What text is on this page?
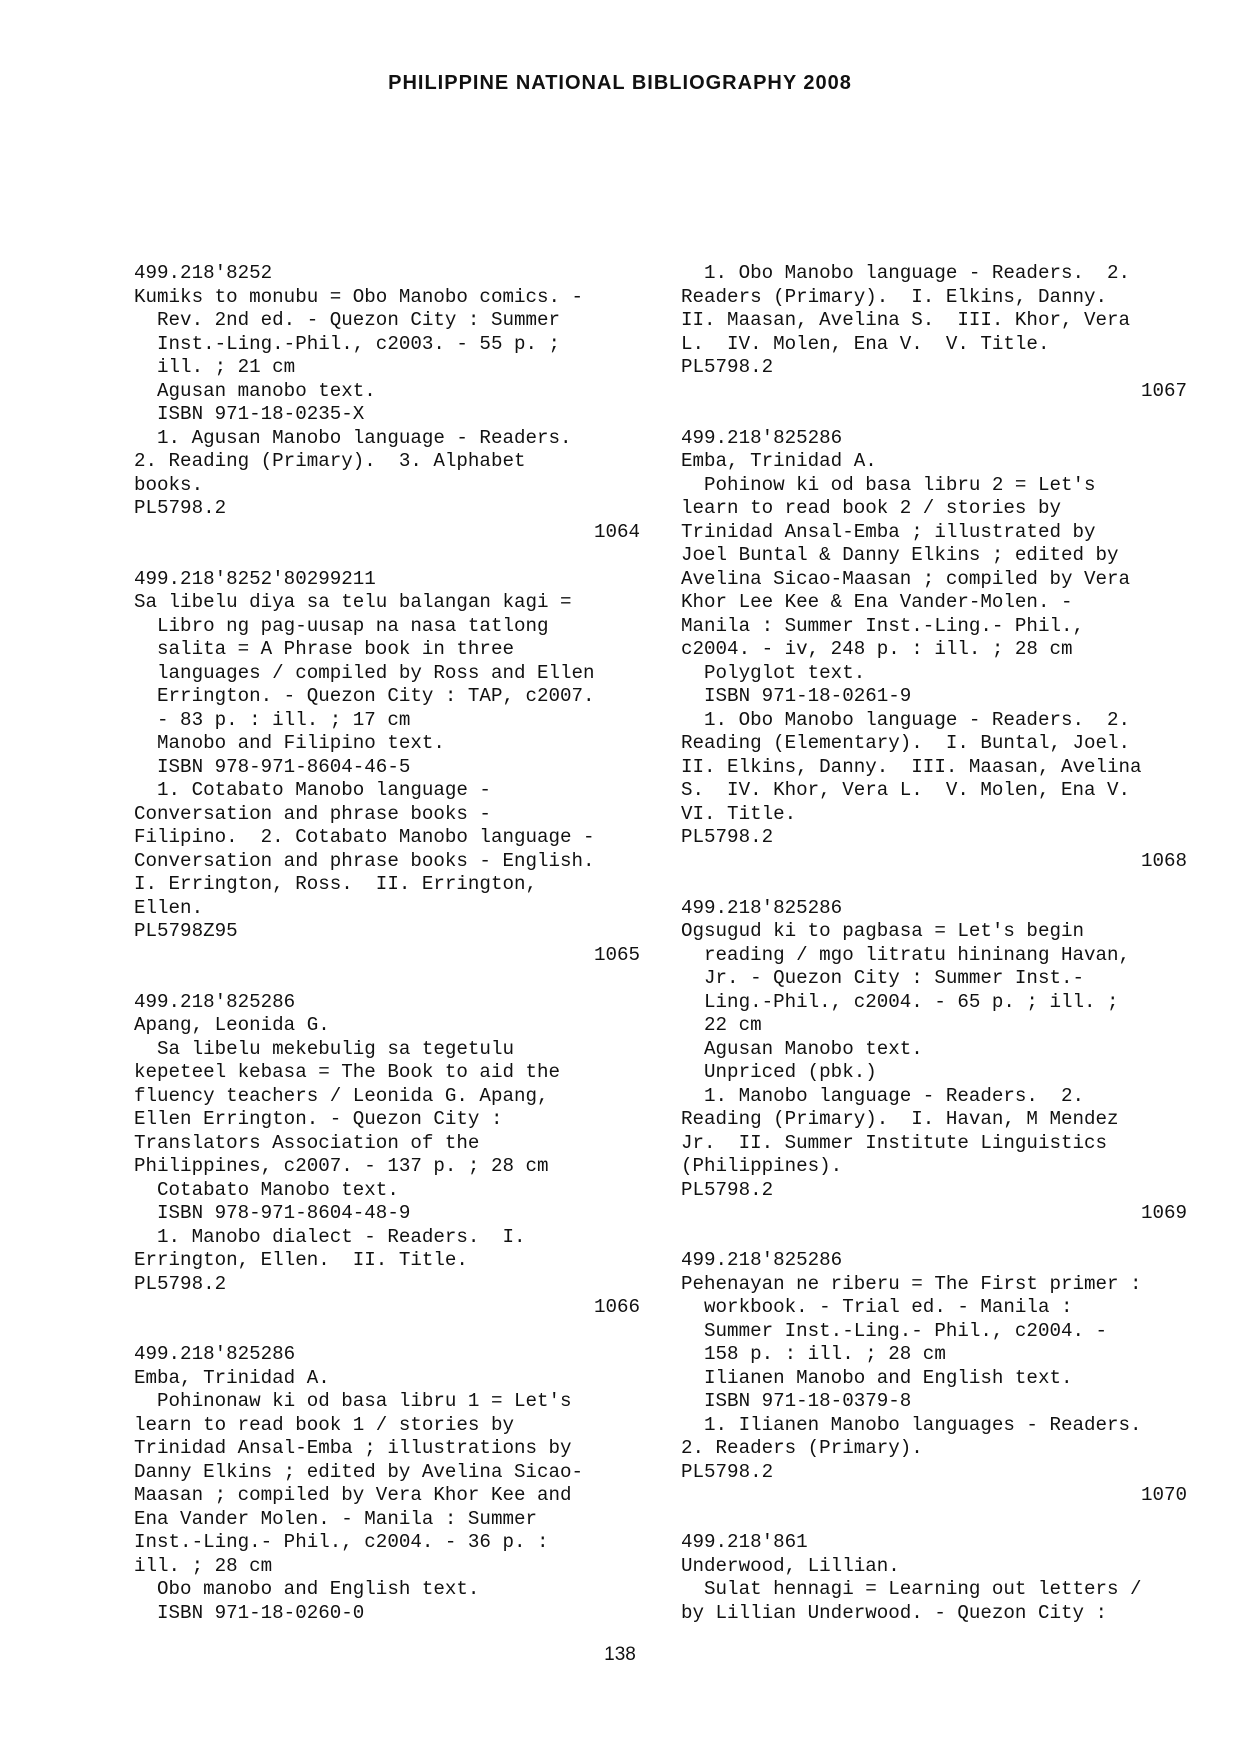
PHILIPPINE NATIONAL BIBLIOGRAPHY 2008
499.218'8252
Kumiks to monubu = Obo Manobo comics. -
Rev. 2nd ed. - Quezon City : Summer
Inst.-Ling.-Phil., c2003. - 55 p. ;
ill. ; 21 cm
Agusan manobo text.
ISBN 971-18-0235-X
1. Agusan Manobo language - Readers.
2. Reading (Primary).  3. Alphabet
books.
PL5798.2
1064
499.218'8252'80299211
Sa libelu diya sa telu balangan kagi =
Libro ng pag-uusap na nasa tatlong
salita = A Phrase book in three
languages / compiled by Ross and Ellen
Errington. - Quezon City : TAP, c2007.
- 83 p. : ill. ; 17 cm
Manobo and Filipino text.
ISBN 978-971-8604-46-5
1. Cotabato Manobo language -
Conversation and phrase books -
Filipino.  2. Cotabato Manobo language -
Conversation and phrase books - English.
I. Errington, Ross.  II. Errington,
Ellen.
PL5798Z95
1065
499.218'825286
Apang, Leonida G.
Sa libelu mekebulig sa tegetulu
kepeteel kebasa = The Book to aid the
fluency teachers / Leonida G. Apang,
Ellen Errington. - Quezon City :
Translators Association of the
Philippines, c2007. - 137 p. ; 28 cm
Cotabato Manobo text.
ISBN 978-971-8604-48-9
1. Manobo dialect - Readers.  I.
Errington, Ellen.  II. Title.
PL5798.2
1066
499.218'825286
Emba, Trinidad A.
Pohinonaw ki od basa libru 1 = Let's
learn to read book 1 / stories by
Trinidad Ansal-Emba ; illustrations by
Danny Elkins ; edited by Avelina Sicao-
Maasan ; compiled by Vera Khor Kee and
Ena Vander Molen. - Manila : Summer
Inst.-Ling.- Phil., c2004. - 36 p. :
ill. ; 28 cm
Obo manobo and English text.
ISBN 971-18-0260-0
1. Obo Manobo language - Readers.  2.
Readers (Primary).  I. Elkins, Danny.
II. Maasan, Avelina S.  III. Khor, Vera
L.  IV. Molen, Ena V.  V. Title.
PL5798.2
1067
499.218'825286
Emba, Trinidad A.
Pohinow ki od basa libru 2 = Let's
learn to read book 2 / stories by
Trinidad Ansal-Emba ; illustrated by
Joel Buntal & Danny Elkins ; edited by
Avelina Sicao-Maasan ; compiled by Vera
Khor Lee Kee & Ena Vander-Molen. -
Manila : Summer Inst.-Ling.- Phil.,
c2004. - iv, 248 p. : ill. ; 28 cm
Polyglot text.
ISBN 971-18-0261-9
1. Obo Manobo language - Readers.  2.
Reading (Elementary).  I. Buntal, Joel.
II. Elkins, Danny.  III. Maasan, Avelina
S.  IV. Khor, Vera L.  V. Molen, Ena V.
VI. Title.
PL5798.2
1068
499.218'825286
Ogsugud ki to pagbasa = Let's begin
reading / mgo litratu hininang Havan,
Jr. - Quezon City : Summer Inst.-
Ling.-Phil., c2004. - 65 p. ; ill. ;
22 cm
Agusan Manobo text.
Unpriced (pbk.)
1. Manobo language - Readers.  2.
Reading (Primary).  I. Havan, M Mendez
Jr.  II. Summer Institute Linguistics
(Philippines).
PL5798.2
1069
499.218'825286
Pehenayan ne riberu = The First primer :
workbook. - Trial ed. - Manila :
Summer Inst.-Ling.- Phil., c2004. -
158 p. : ill. ; 28 cm
Ilianen Manobo and English text.
ISBN 971-18-0379-8
1. Ilianen Manobo languages - Readers.
2. Readers (Primary).
PL5798.2
1070
499.218'861
Underwood, Lillian.
Sulat hennagi = Learning out letters /
by Lillian Underwood. - Quezon City :
138
